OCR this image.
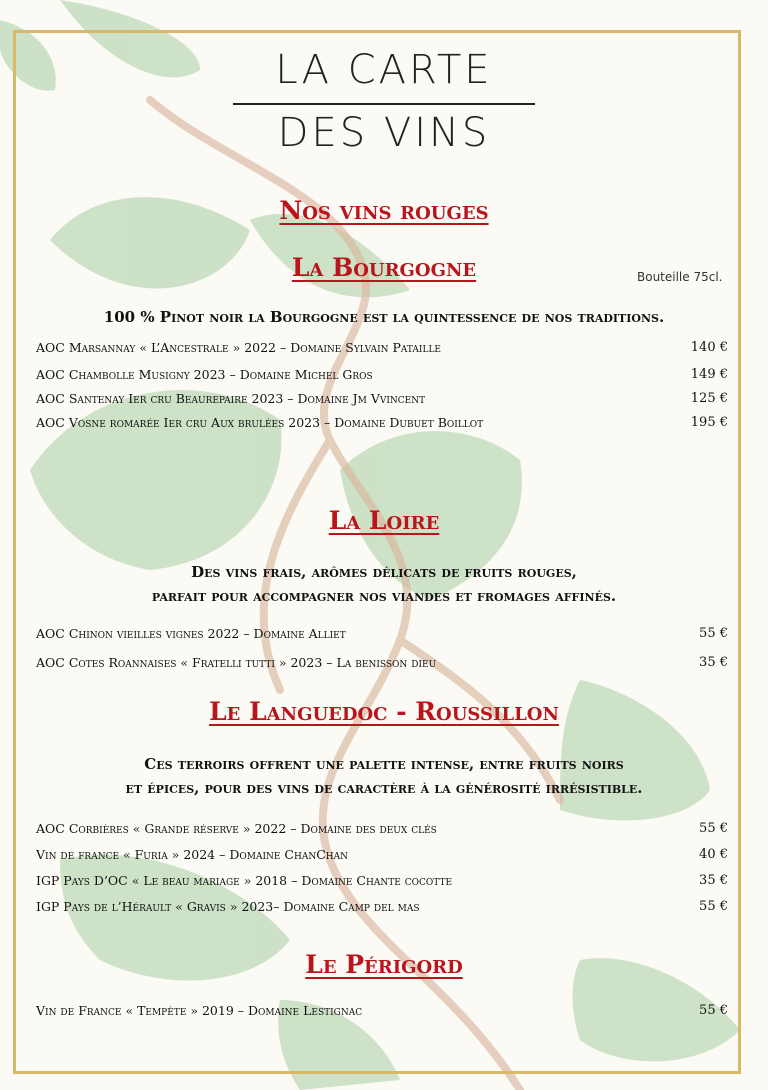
LA CARTE
DES VINS
Nos vins rouges
La Bourgogne	Bouteille 75cl.
100 % Pinot noir la Bourgogne est la quintessence de nos traditions.
AOC Marsannay « L’Ancestrale » 2022 – Domaine Sylvain Pataille	140 €
AOC Chambolle Musigny 2023 – Domaine Michel Gros	149 €
AOC Santenay Ier cru Beaurepaire 2023 – Domaine Jm Vvincent	125 €
AOC Vosne romarée Ier cru Aux brulées 2023 – Domaine Dubuet Boillot	195 €
La Loire
Des vins frais, arômes délicats de fruits rouges,
parfait pour accompagner nos viandes et fromages affinés.
AOC Chinon vieilles vignes 2022 – Domaine Alliet	55 €
AOC Cotes Roannaises « Fratelli tutti » 2023 – La benisson dieu	35 €
Le Languedoc - Roussillon
Ces terroirs offrent une palette intense, entre fruits noirs
et épices, pour des vins de caractère à la générosité irrésistible.
AOC Corbières « Grande réserve » 2022 – Domaine des deux clés	55 €
Vin de france « Furia » 2024 – Domaine ChanChan	40 €
IGP Pays D’OC « Le beau mariage » 2018 – Domaine Chante cocotte	35 €
IGP Pays de l’Hérault « Gravis » 2023– Domaine Camp del mas	55 €
Le Périgord
Vin de France « Tempète » 2019 – Domaine Lestignac	55 €
